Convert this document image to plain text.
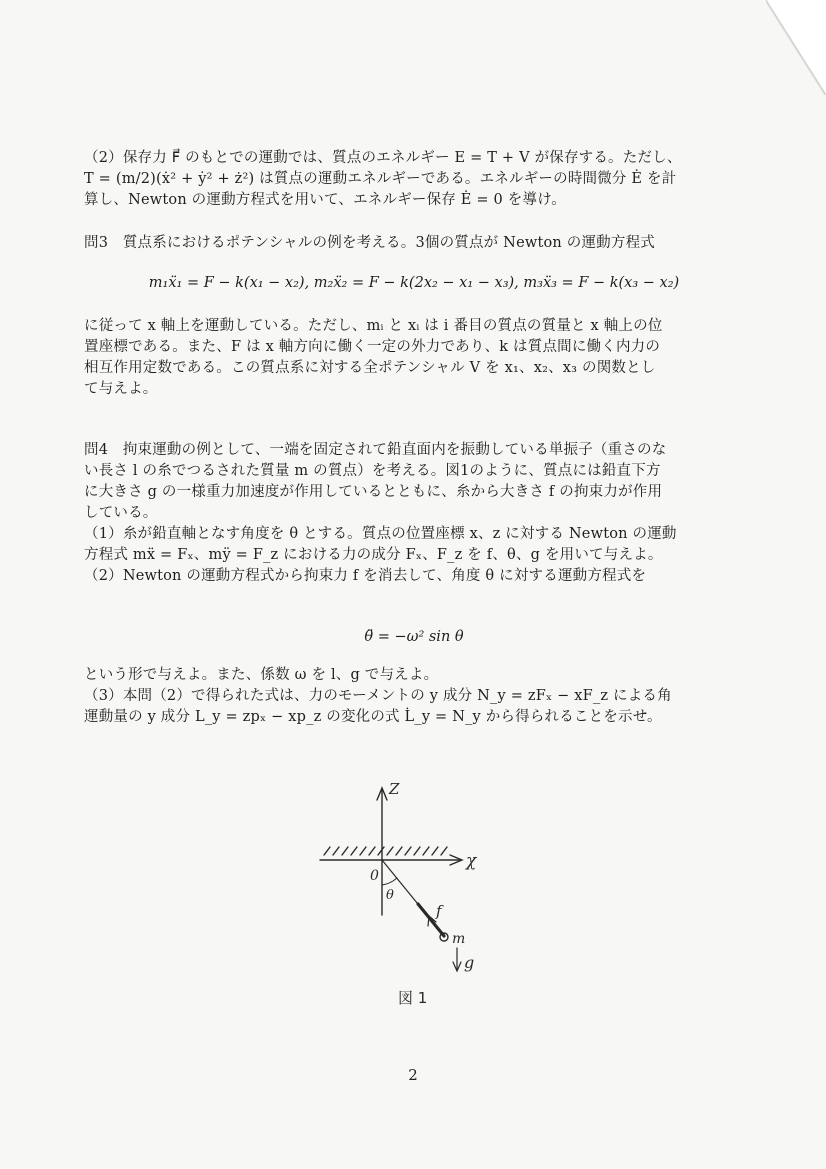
（2）保存力 F⃗ のもとでの運動では、質点のエネルギー E = T + V が保存する。ただし、
T = (m/2)(ẋ² + ẏ² + ż²) は質点の運動エネルギーである。エネルギーの時間微分 Ė を計
算し、Newton の運動方程式を用いて、エネルギー保存 Ė = 0 を導け。

問3　質点系におけるポテンシャルの例を考える。3個の質点が Newton の運動方程式

m₁ẍ₁ = F − k(x₁ − x₂), m₂ẍ₂ = F − k(2x₂ − x₁ − x₃), m₃ẍ₃ = F − k(x₃ − x₂)

に従って x 軸上を運動している。ただし、mᵢ と xᵢ は i 番目の質点の質量と x 軸上の位
置座標である。また、F は x 軸方向に働く一定の外力であり、k は質点間に働く内力の
相互作用定数である。この質点系に対する全ポテンシャル V を x₁、x₂、x₃ の関数とし
て与えよ。

問4　拘束運動の例として、一端を固定されて鉛直面内を振動している単振子（重さのな
い長さ l の糸でつるされた質量 m の質点）を考える。図1のように、質点には鉛直下方
に大きさ g の一様重力加速度が作用しているとともに、糸から大きさ f の拘束力が作用
している。
（1）糸が鉛直軸となす角度を θ とする。質点の位置座標 x、z に対する Newton の運動
方程式 mẍ = Fₓ、mÿ = F_z における力の成分 Fₓ、F_z を f、θ、g を用いて与えよ。
（2）Newton の運動方程式から拘束力 f を消去して、角度 θ に対する運動方程式を

θ̈ = −ω² sin θ

という形で与えよ。また、係数 ω を l、g で与えよ。
（3）本問（2）で得られた式は、力のモーメントの y 成分 N_y = zFₓ − xF_z による角
運動量の y 成分 L_y = zpₓ − xp_z の変化の式 L̇_y = N_y から得られることを示せ。

Z
χ
0
θ
f
m
g
図 1
2
